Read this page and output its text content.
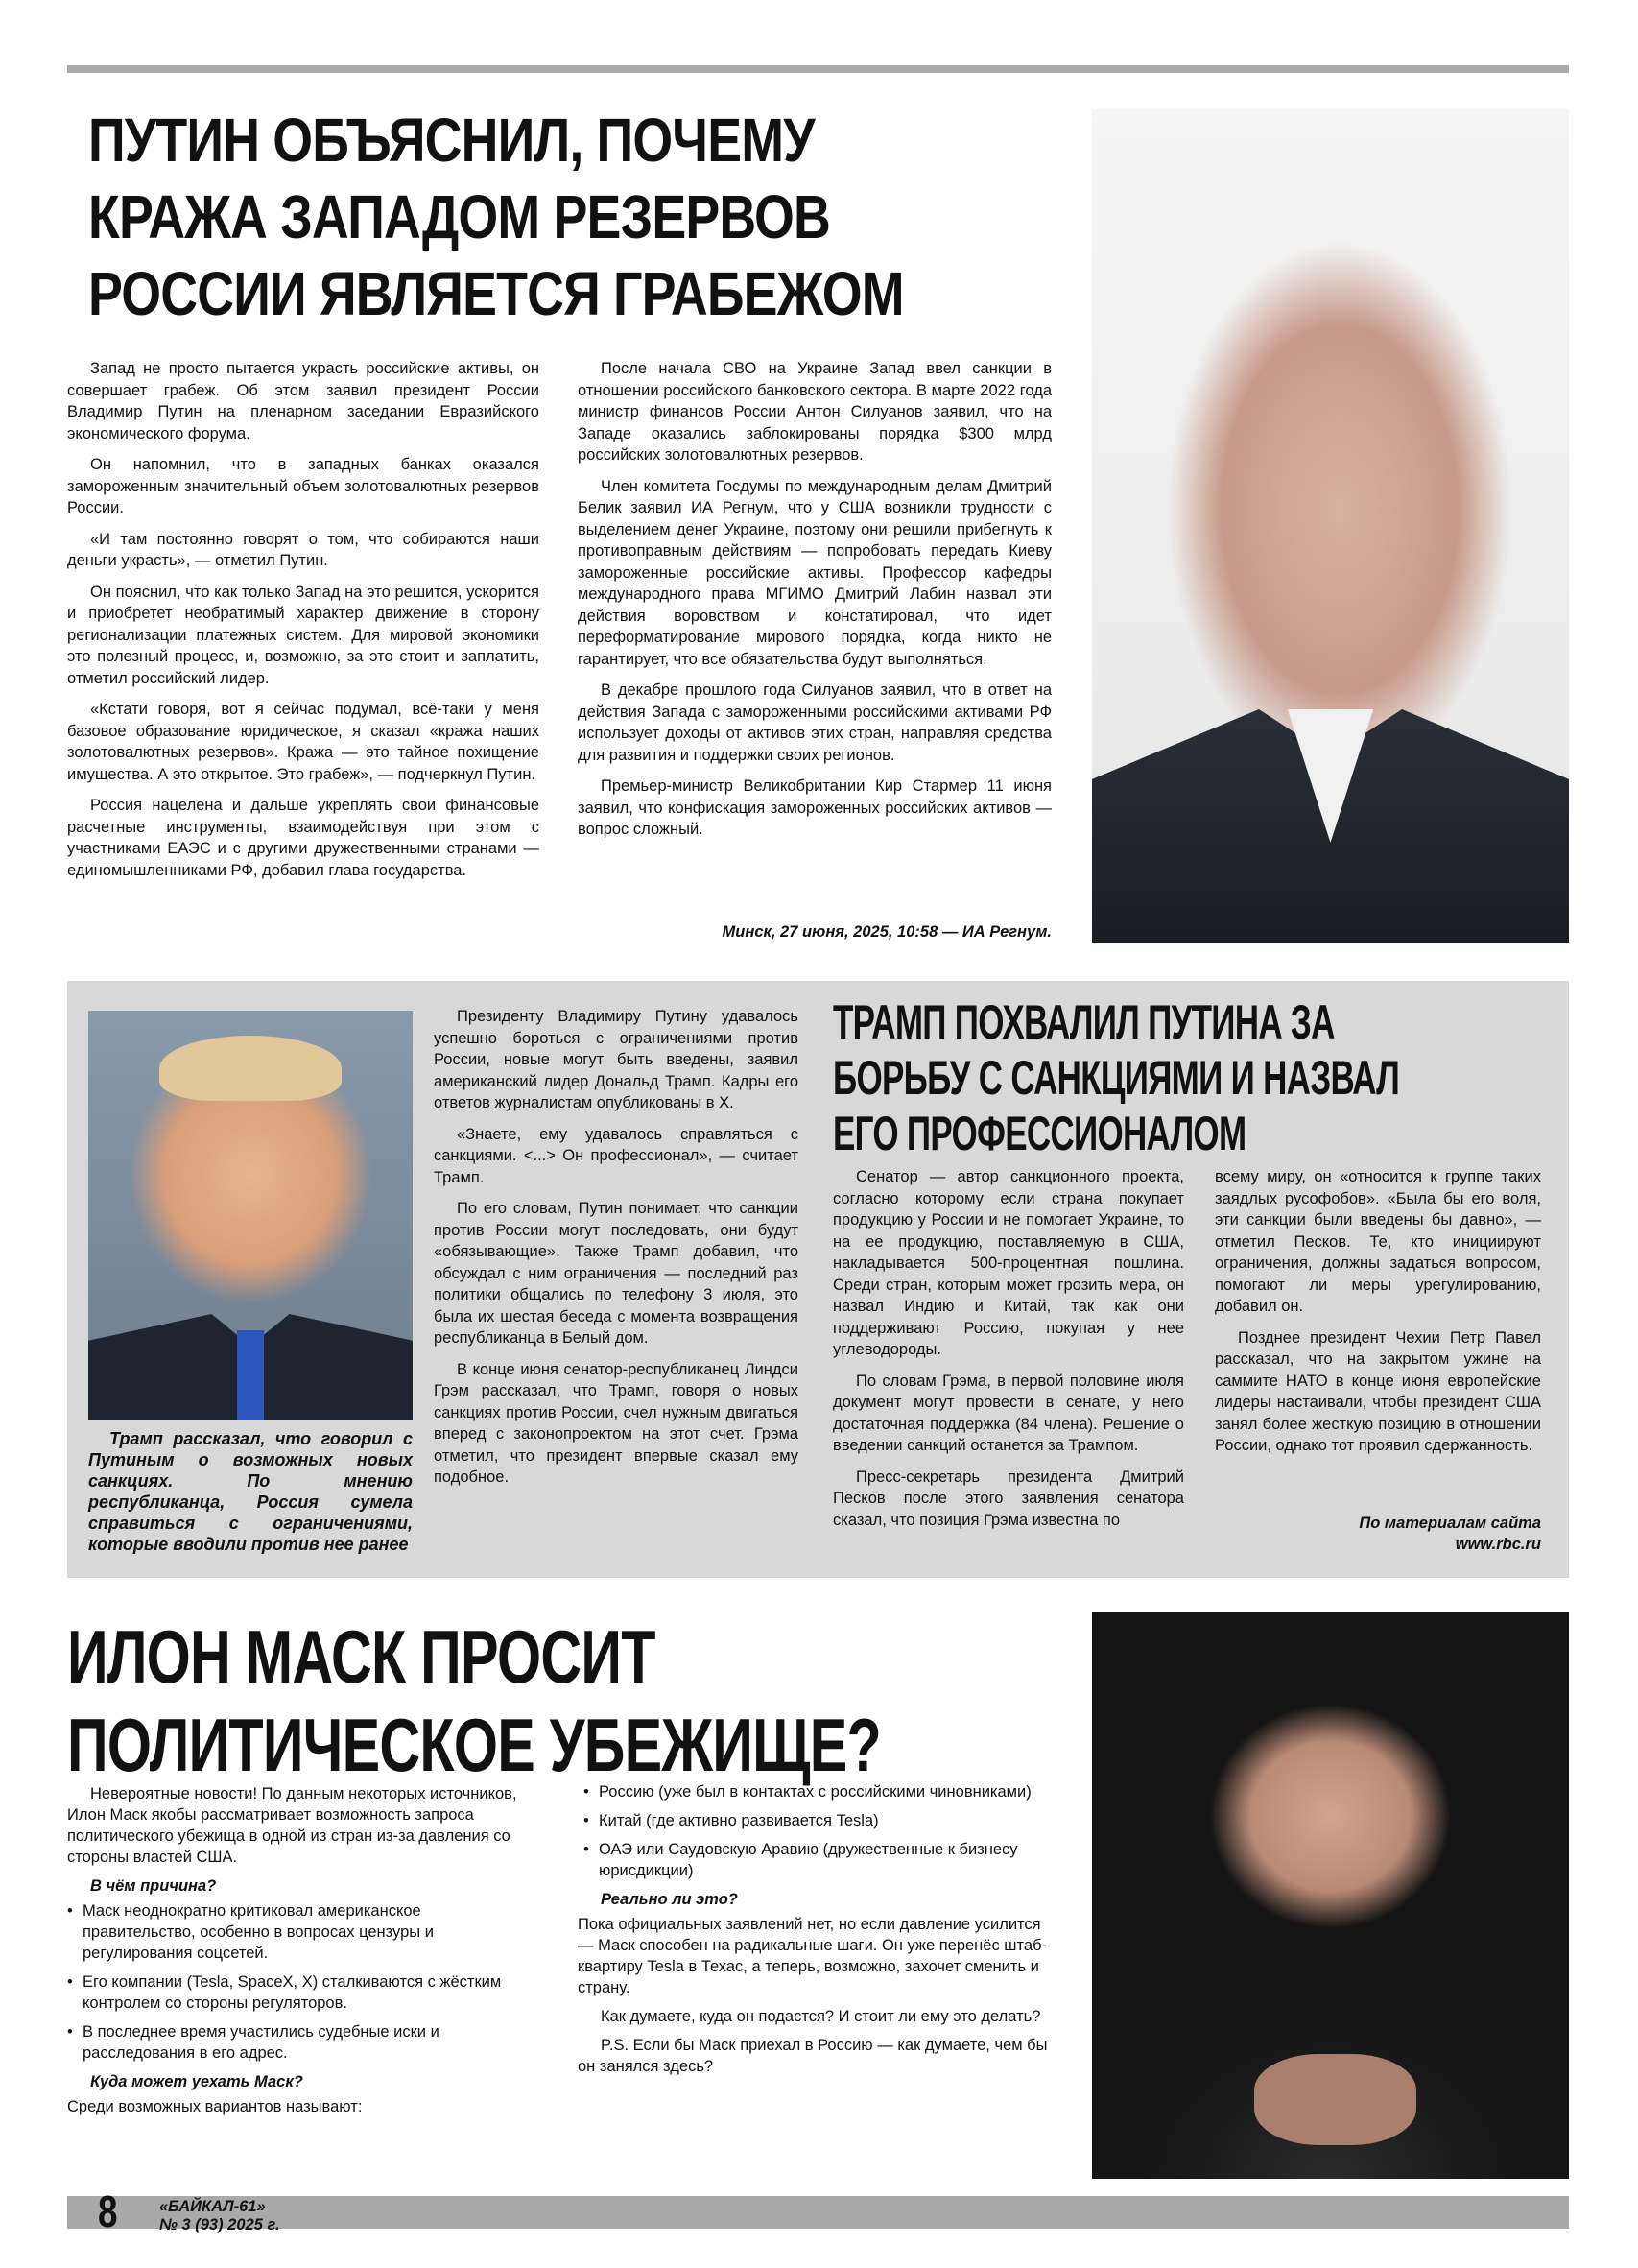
ПУТИН ОБЪЯСНИЛ, ПОЧЕМУ КРАЖА ЗАПАДОМ РЕЗЕРВОВ РОССИИ ЯВЛЯЕТСЯ ГРАБЕЖОМ

Запад не просто пытается украсть российские активы, он совершает грабеж. Об этом заявил президент России Владимир Путин на пленарном заседании Евразийского экономического форума.

Он напомнил, что в западных банках оказался замороженным значительный объем золотовалютных резервов России.

«И там постоянно говорят о том, что собираются наши деньги украсть», — отметил Путин.

Он пояснил, что как только Запад на это решится, ускорится и приобретет необратимый характер движение в сторону регионализации платежных систем. Для мировой экономики это полезный процесс, и, возможно, за это стоит и заплатить, отметил российский лидер.

«Кстати говоря, вот я сейчас подумал, всё-таки у меня базовое образование юридическое, я сказал «кража наших золотовалютных резервов». Кража — это тайное похищение имущества. А это открытое. Это грабеж», — подчеркнул Путин.

Россия нацелена и дальше укреплять свои финансовые расчетные инструменты, взаимодействуя при этом с участниками ЕАЭС и с другими дружественными странами — единомышленниками РФ, добавил глава государства.

После начала СВО на Украине Запад ввел санкции в отношении российского банковского сектора. В марте 2022 года министр финансов России Антон Силуанов заявил, что на Западе оказались заблокированы порядка $300 млрд российских золотовалютных резервов.

Член комитета Госдумы по международным делам Дмитрий Белик заявил ИА Регнум, что у США возникли трудности с выделением денег Украине, поэтому они решили прибегнуть к противоправным действиям — попробовать передать Киеву замороженные российские активы. Профессор кафедры международного права МГИМО Дмитрий Лабин назвал эти действия воровством и констатировал, что идет переформатирование мирового порядка, когда никто не гарантирует, что все обязательства будут выполняться.

В декабре прошлого года Силуанов заявил, что в ответ на действия Запада с замороженными российскими активами РФ использует доходы от активов этих стран, направляя средства для развития и поддержки своих регионов.

Премьер-министр Великобритании Кир Стармер 11 июня заявил, что конфискация замороженных российских активов — вопрос сложный.

Минск, 27 июня, 2025, 10:58 — ИА Регнум.
Трамп рассказал, что говорил с Путиным о возможных новых санкциях. По мнению республиканца, Россия сумела справиться с ограничениями, которые вводили против нее ранее

Президенту Владимиру Путину удавалось успешно бороться с ограничениями против России, новые могут быть введены, заявил американский лидер Дональд Трамп. Кадры его ответов журналистам опубликованы в X.

«Знаете, ему удавалось справляться с санкциями. <...> Он профессионал», — считает Трамп.

По его словам, Путин понимает, что санкции против России могут последовать, они будут «обязывающие». Также Трамп добавил, что обсуждал с ним ограничения — последний раз политики общались по телефону 3 июля, это была их шестая беседа с момента возвращения республиканца в Белый дом.

В конце июня сенатор-республиканец Линдси Грэм рассказал, что Трамп, говоря о новых санкциях против России, счел нужным двигаться вперед с законопроектом на этот счет. Грэма отметил, что президент впервые сказал ему подобное.

ТРАМП ПОХВАЛИЛ ПУТИНА ЗА БОРЬБУ С САНКЦИЯМИ И НАЗВАЛ ЕГО ПРОФЕССИОНАЛОМ

Сенатор — автор санкционного проекта, согласно которому если страна покупает продукцию у России и не помогает Украине, то на ее продукцию, поставляемую в США, накладывается 500-процентная пошлина. Среди стран, которым может грозить мера, он назвал Индию и Китай, так как они поддерживают Россию, покупая у нее углеводороды.

По словам Грэма, в первой половине июля документ могут провести в сенате, у него достаточная поддержка (84 члена). Решение о введении санкций останется за Трампом.

Пресс-секретарь президента Дмитрий Песков после этого заявления сенатора сказал, что позиция Грэма известна по

всему миру, он «относится к группе таких заядлых русофобов». «Была бы его воля, эти санкции были введены бы давно», — отметил Песков. Те, кто инициируют ограничения, должны задаться вопросом, помогают ли меры урегулированию, добавил он.

Позднее президент Чехии Петр Павел рассказал, что на закрытом ужине на саммите НАТО в конце июня европейские лидеры настаивали, чтобы президент США занял более жесткую позицию в отношении России, однако тот проявил сдержанность.

По материалам сайта
www.rbc.ru
ИЛОН МАСК ПРОСИТ ПОЛИТИЧЕСКОЕ УБЕЖИЩЕ?
Невероятные новости! По данным некоторых источников, Илон Маск якобы рассматривает возможность запроса политического убежища в одной из стран из-за давления со стороны властей США.
В чём причина?
• Маск неоднократно критиковал американское правительство, особенно в вопросах цензуры и регулирования соцсетей.
• Его компании (Tesla, SpaceX, X) сталкиваются с жёстким контролем со стороны регуляторов.
• В последнее время участились судебные иски и расследования в его адрес.
Куда может уехать Маск?
Среди возможных вариантов называют:
• Россию (уже был в контактах с российскими чиновниками)
• Китай (где активно развивается Tesla)
• ОАЭ или Саудовскую Аравию (дружественные к бизнесу юрисдикции)
Реально ли это?
Пока официальных заявлений нет, но если давление усилится — Маск способен на радикальные шаги. Он уже перенёс штаб-квартиру Tesla в Техас, а теперь, возможно, захочет сменить и страну.
Как думаете, куда он подастся? И стоит ли ему это делать?
P.S. Если бы Маск приехал в Россию — как думаете, чем бы он занялся здесь?
8	«БАЙКАЛ-61»
№ 3 (93) 2025 г.
